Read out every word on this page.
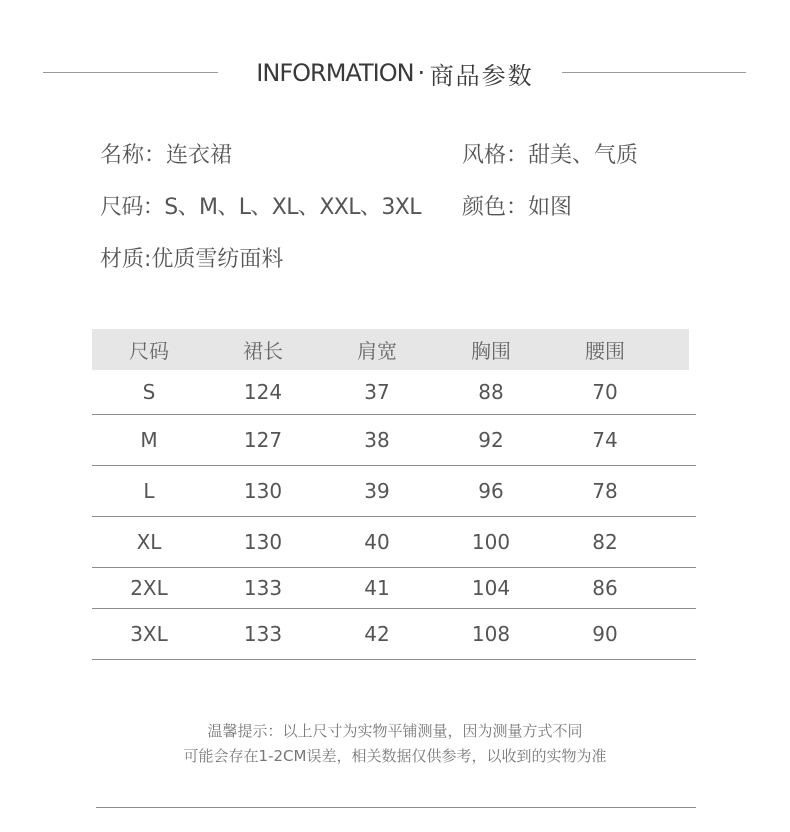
INFORMATION · 商品参数
名称：连衣裙	风格：甜美、气质
尺码：S、M、L、XL、XXL、3XL 颜色：如图
材质:优质雪纺面料
尺码	裙长	肩宽	胸围	腰围
S	124	37	88	70
M	127	38	92	74
L	130	39	96	78
XL	130	40	100	82
2XL	133	41	104	86
3XL	133	42	108	90
温馨提示：以上尺寸为实物平铺测量，因为测量方式不同
可能会存在1-2CM误差，相关数据仅供参考，以收到的实物为准
